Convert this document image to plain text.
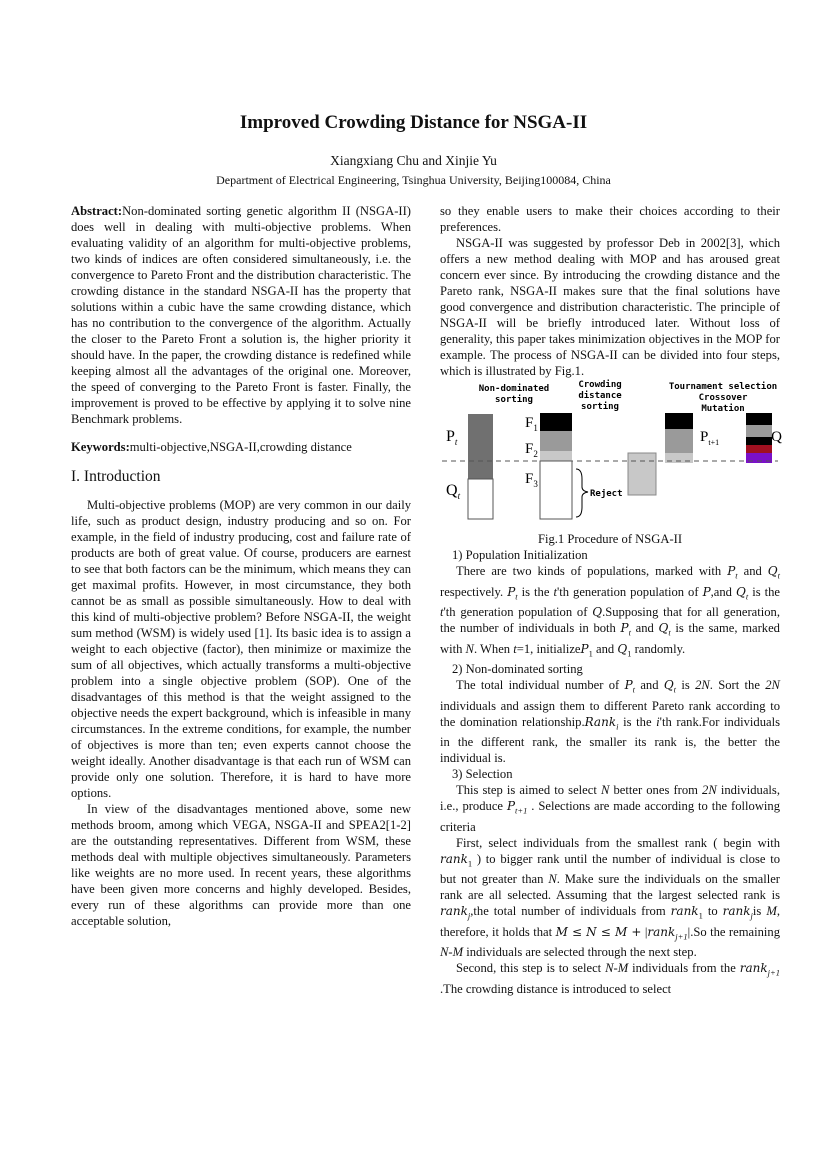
Improved Crowding Distance for NSGA-II
Xiangxiang Chu and Xinjie Yu
Department of Electrical Engineering, Tsinghua University, Beijing100084, China

Abstract:Non-dominated sorting genetic algorithm II (NSGA-II) does well in dealing with multi-objective problems. When evaluating validity of an algorithm for multi-objective problems, two kinds of indices are often considered simultaneously, i.e. the convergence to Pareto Front and the distribution characteristic. The crowding distance in the standard NSGA-II has the property that solutions within a cubic have the same crowding distance, which has no contribution to the convergence of the algorithm. Actually the closer to the Pareto Front a solution is, the higher priority it should have. In the paper, the crowding distance is redefined while keeping almost all the advantages of the original one. Moreover, the speed of converging to the Pareto Front is faster. Finally, the improvement is proved to be effective by applying it to solve nine Benchmark problems.

Keywords:multi-objective,NSGA-II,crowding distance

I. Introduction

Multi-objective problems (MOP) are very common in our daily life, such as product design, industry producing and so on. For example, in the field of industry producing, cost and failure rate of products are both of great value. Of course, producers are earnest to see that both factors can be the minimum, which means they can get maximal profits. However, in most circumstance, they both cannot be as small as possible simultaneously. How to deal with this kind of multi-objective problem? Before NSGA-II, the weight sum method (WSM) is widely used [1]. Its basic idea is to assign a weight to each objective (factor), then minimize or maximize the sum of all objectives, which actually transforms a multi-objective problem into a single objective problem (SOP). One of the disadvantages of this method is that the weight assigned to the objective needs the expert background, which is infeasible in many circumstances. In the extreme conditions, for example, the number of objectives is more than ten; even experts cannot choose the weight ideally. Another disadvantage is that each run of WSM can provide only one solution. Therefore, it is hard to have more options.

In view of the disadvantages mentioned above, some new methods broom, among which VEGA, NSGA-II and SPEA2[1-2] are the outstanding representatives. Different from WSM, these methods deal with multiple objectives simultaneously. Parameters like weights are no more used. In recent years, these algorithms have been given more concerns and highly developed. Besides, every run of these algorithms can provide more than one acceptable solution,

so they enable users to make their choices according to their preferences.

NSGA-II was suggested by professor Deb in 2002[3], which offers a new method dealing with MOP and has aroused great concern ever since. By introducing the crowding distance and the Pareto rank, NSGA-II makes sure that the final solutions have good convergence and distribution characteristic. The principle of NSGA-II will be briefly introduced later. Without loss of generality, this paper takes minimization objectives in the MOP for example. The process of NSGA-II can be divided into four steps, which is illustrated by Fig.1.

Non-dominated
sorting
Crowding
distance
sorting
Tournament selection
Crossover
Mutation
$P_t$
$Q_t$
$F_1$
$F_2$
$F_3$
Reject
$P_{t+1}$	Q

Fig.1 Procedure of NSGA-II

1) Population Initialization

There are two kinds of populations, marked with $P_t$ and $Q_t$ respectively. $P_t$ is the t'th generation population of P,and $Q_t$ is the t'th generation population of Q.Supposing that for all generation, the number of individuals in both $P_t$ and $Q_t$ is the same, marked with N. When t=1, initializeP$_1$ and $Q_1$ randomly.

2) Non-dominated sorting

The total individual number of $P_t$ and $Q_t$ is 2N. Sort the 2N individuals and assign them to different Pareto rank according to the domination relationship.Rank$_i$ is the i'th rank.For individuals in the different rank, the smaller its rank is, the better the individual is.

3) Selection

This step is aimed to select N better ones from 2N individuals, i.e., produce $P_{t+1}$ . Selections are made according to the following criteria

First, select individuals from the smallest rank ( begin with rank$_1$ ) to bigger rank until the number of individual is close to but not greater than N. Make sure the individuals on the smaller rank are all selected. Assuming that the largest selected rank is rank$_j$,the total number of individuals from rank$_1$ to rank$_j$is M, therefore, it holds that M ≤ N ≤ M + |rank$_{j+1}$|.So the remaining N-M individuals are selected through the next step.

Second, this step is to select N-M individuals from the rank$_{j+1}$ .The crowding distance is introduced to select
